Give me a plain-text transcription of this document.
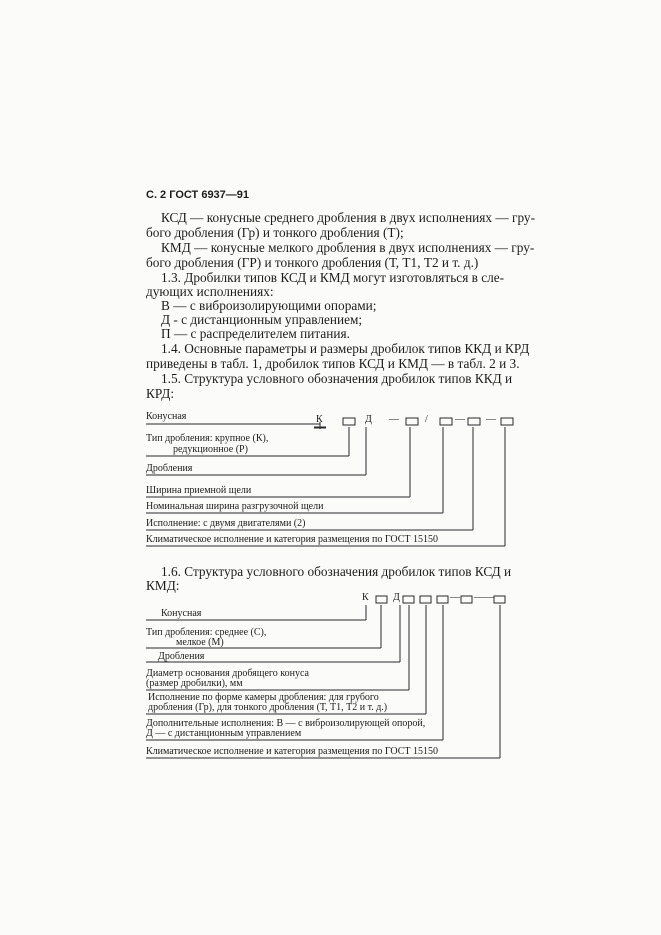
С. 2 ГОСТ 6937—91
КСД — конусные среднего дробления в двух исполнениях — гру-
бого дробления (Гр) и тонкого дробления (Т);
КМД — конусные мелкого дробления в двух исполнениях — гру-
бого дробления (ГР) и тонкого дробления (Т, Т1, Т2 и т. д.)
1.3. Дробилки типов КСД и КМД могут изготовляться в сле-
дующих исполнениях:
В — с виброизолирующими опорами;
Д - с дистанционным управлением;
П — с распределителем питания.
1.4. Основные параметры и размеры дробилок типов ККД и КРД
приведены в табл. 1, дробилок типов КСД и КМД — в табл. 2 и 3.
1.5. Структура условного обозначения дробилок типов ККД и
КРД:
К	Д —	/	— —
Конусная
Тип дробления: крупное (К),
редукционное (Р)
Дробления
Ширина приемной щели
Номинальная ширина разгрузочной щели
Исполнение: с двумя двигателями (2)
Климатическое исполнение и категория размещения по ГОСТ 15150
1.6. Структура условного обозначения дробилок типов КСД и
КМД:
К Д	— — —
Конусная
Тип дробления: среднее (С),
мелкое (М)
Дробления
Диаметр основания дробящего конуса
(размер дробилки), мм
Исполнение по форме камеры дробления: для грубого
дробления (Гр), для тонкого дробления (Т, Т1, Т2 и т. д.)
Дополнительные исполнения: В — с виброизолирующей опорой,
Д — с дистанционным управлением
Климатическое исполнение и категория размещения по ГОСТ 15150
